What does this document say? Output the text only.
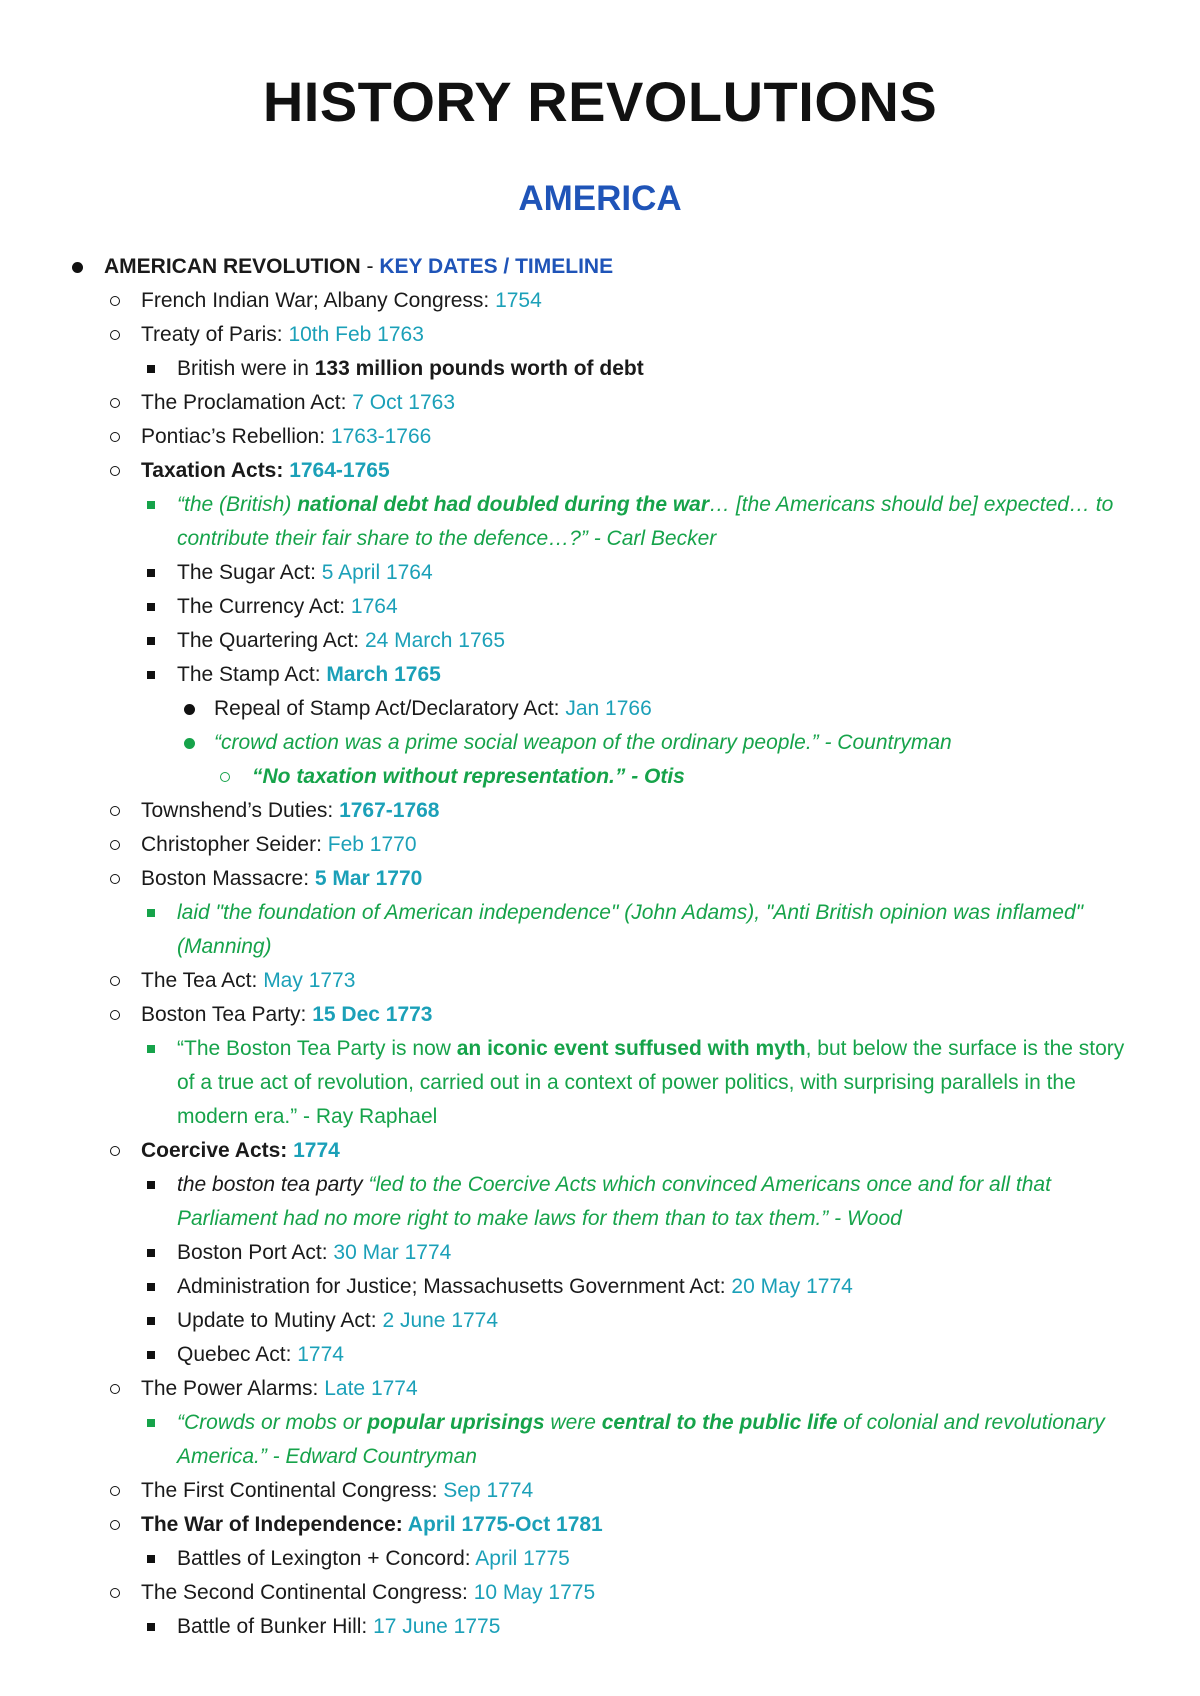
HISTORY REVOLUTIONS
AMERICA
AMERICAN REVOLUTION - KEY DATES / TIMELINE
French Indian War; Albany Congress: 1754
Treaty of Paris: 10th Feb 1763
British were in 133 million pounds worth of debt
The Proclamation Act: 7 Oct 1763
Pontiac’s Rebellion: 1763-1766
Taxation Acts: 1764-1765
“the (British) national debt had doubled during the war… [the Americans should be] expected… to contribute their fair share to the defence…?” - Carl Becker
The Sugar Act: 5 April 1764
The Currency Act: 1764
The Quartering Act: 24 March 1765
The Stamp Act: March 1765
Repeal of Stamp Act/Declaratory Act: Jan 1766
“crowd action was a prime social weapon of the ordinary people.” - Countryman
“No taxation without representation.” - Otis
Townshend’s Duties: 1767-1768
Christopher Seider: Feb 1770
Boston Massacre: 5 Mar 1770
laid "the foundation of American independence" (John Adams), "Anti British opinion was inflamed" (Manning)
The Tea Act: May 1773
Boston Tea Party: 15 Dec 1773
“The Boston Tea Party is now an iconic event suffused with myth, but below the surface is the story of a true act of revolution, carried out in a context of power politics, with surprising parallels in the modern era.” - Ray Raphael
Coercive Acts: 1774
the boston tea party “led to the Coercive Acts which convinced Americans once and for all that Parliament had no more right to make laws for them than to tax them.” - Wood
Boston Port Act: 30 Mar 1774
Administration for Justice; Massachusetts Government Act: 20 May 1774
Update to Mutiny Act: 2 June 1774
Quebec Act: 1774
The Power Alarms: Late 1774
“Crowds or mobs or popular uprisings were central to the public life of colonial and revolutionary America.” - Edward Countryman
The First Continental Congress: Sep 1774
The War of Independence: April 1775-Oct 1781
Battles of Lexington + Concord: April 1775
The Second Continental Congress: 10 May 1775
Battle of Bunker Hill: 17 June 1775
